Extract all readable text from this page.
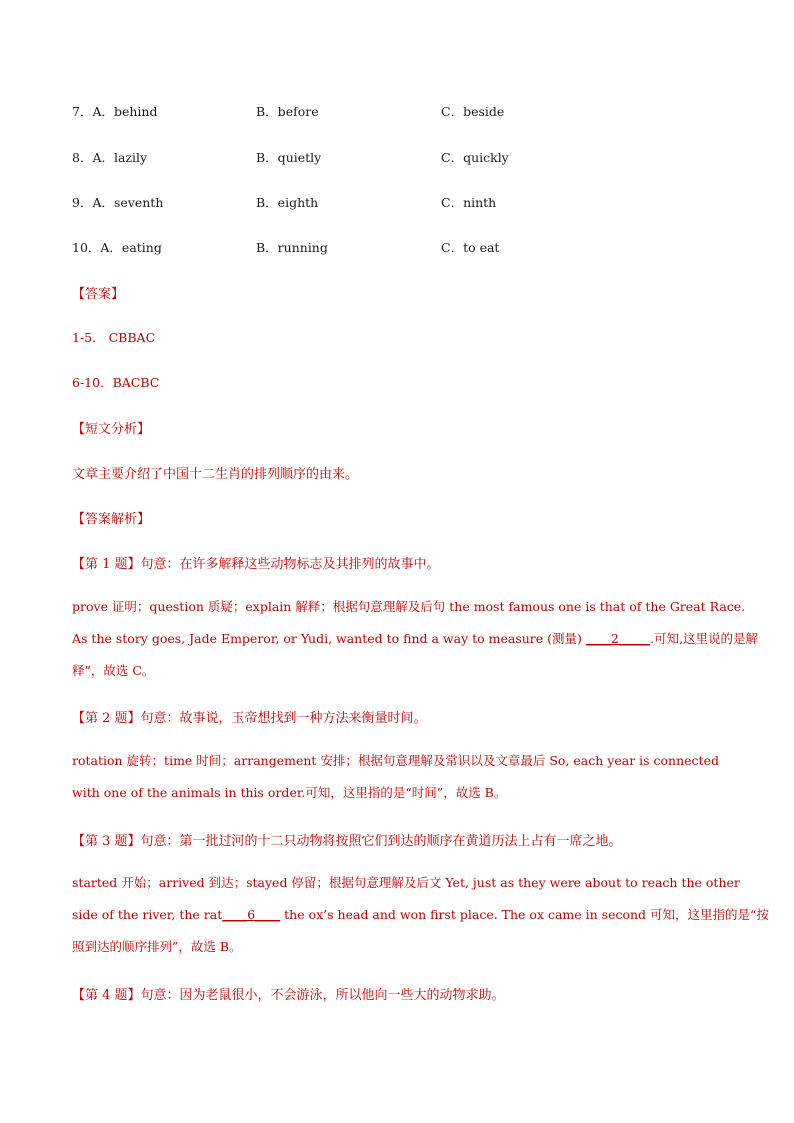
7．A．behind	B．before	C．beside
8．A．lazily	B．quietly	C．quickly
9．A．seventh	B．eighth	C．ninth
10．A．eating	B．running	C．to eat
【答案】
1-5． CBBAC
6-10．BACBC
【短文分析】
文章主要介绍了中国十二生肖的排列顺序的由来。
【答案解析】
【第 1 题】句意：在许多解释这些动物标志及其排列的故事中。
prove 证明；question 质疑；explain 解释；根据句意理解及后句 the most famous one is that of the Great Race.
As the story goes, Jade Emperor, or Yudi, wanted to find a way to measure (测量) ____2_____.可知,这里说的是解
释”，故选 C。
【第 2 题】句意：故事说，玉帝想找到一种方法来衡量时间。
rotation 旋转；time 时间；arrangement 安排；根据句意理解及常识以及文章最后 So, each year is connected
with one of the animals in this order.可知，这里指的是“时间”，故选 B。
【第 3 题】句意：第一批过河的十二只动物将按照它们到达的顺序在黄道历法上占有一席之地。
started 开始；arrived 到达；stayed 停留；根据句意理解及后文 Yet, just as they were about to reach the other
side of the river, the rat____6____ the ox’s head and won first place. The ox came in second 可知，这里指的是“按
照到达的顺序排列”，故选 B。
【第 4 题】句意：因为老鼠很小，不会游泳，所以他向一些大的动物求助。
